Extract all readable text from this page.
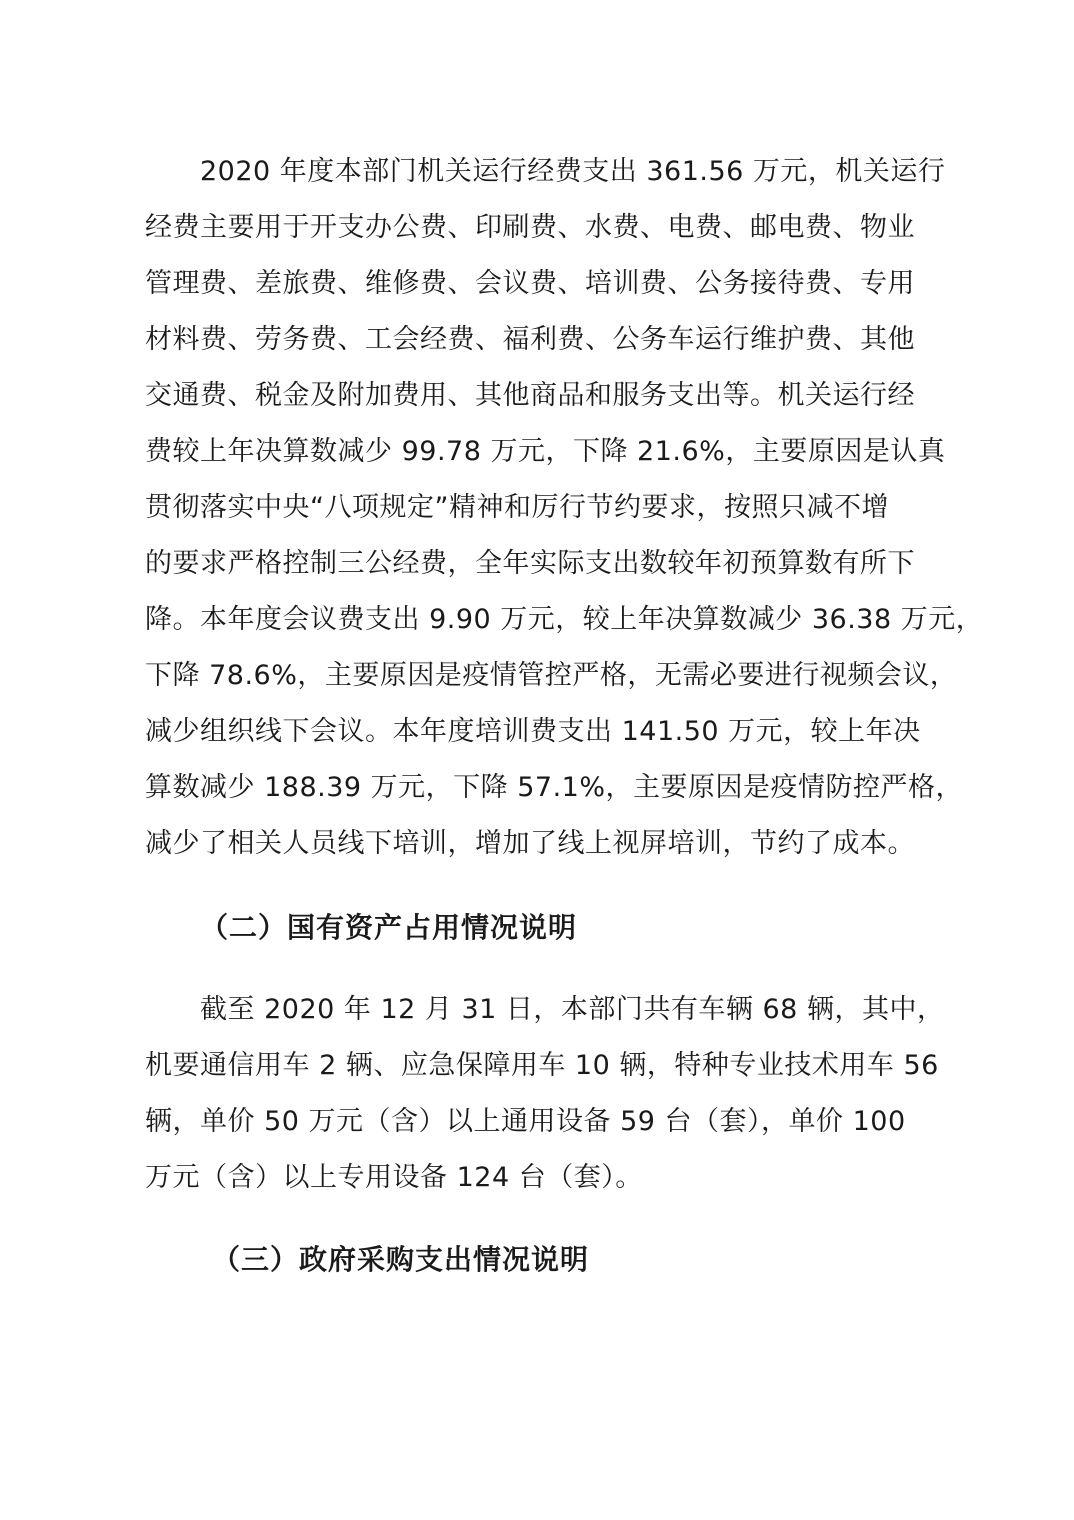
2020 年度本部门机关运行经费支出 361.56 万元，机关运行
经费主要用于开支办公费、印刷费、水费、电费、邮电费、物业
管理费、差旅费、维修费、会议费、培训费、公务接待费、专用
材料费、劳务费、工会经费、福利费、公务车运行维护费、其他
交通费、税金及附加费用、其他商品和服务支出等。机关运行经
费较上年决算数减少 99.78 万元，下降 21.6%，主要原因是认真
贯彻落实中央“八项规定”精神和厉行节约要求，按照只减不增
的要求严格控制三公经费，全年实际支出数较年初预算数有所下
降。本年度会议费支出 9.90 万元，较上年决算数减少 36.38 万元，
下降 78.6%，主要原因是疫情管控严格，无需必要进行视频会议，
减少组织线下会议。本年度培训费支出 141.50 万元，较上年决
算数减少 188.39 万元，下降 57.1%，主要原因是疫情防控严格，
减少了相关人员线下培训，增加了线上视屏培训，节约了成本。
（二）国有资产占用情况说明
截至 2020 年 12 月 31 日，本部门共有车辆 68 辆，其中，
机要通信用车 2 辆、应急保障用车 10 辆，特种专业技术用车 56
辆，单价 50 万元（含）以上通用设备 59 台（套），单价 100
万元（含）以上专用设备 124 台（套）。
（三）政府采购支出情况说明
